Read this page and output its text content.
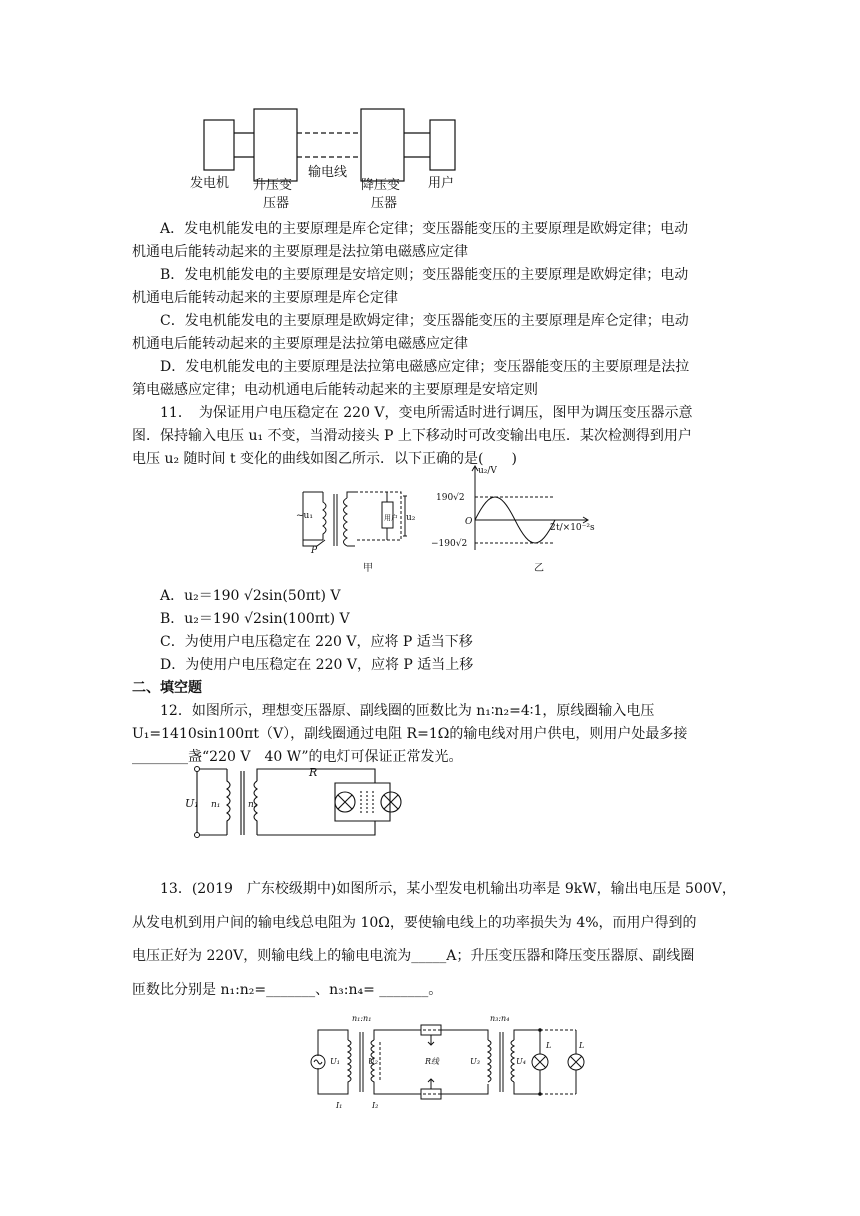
发电机 升压变
压器
输电线
降压变
压器
用户
A．发电机能发电的主要原理是库仑定律；变压器能变压的主要原理是欧姆定律；电动
机通电后能转动起来的主要原理是法拉第电磁感应定律
B．发电机能发电的主要原理是安培定则；变压器能变压的主要原理是欧姆定律；电动
机通电后能转动起来的主要原理是库仑定律
C．发电机能发电的主要原理是欧姆定律；变压器能变压的主要原理是库仑定律；电动
机通电后能转动起来的主要原理是法拉第电磁感应定律
D．发电机能发电的主要原理是法拉第电磁感应定律；变压器能变压的主要原理是法拉
第电磁感应定律；电动机通电后能转动起来的主要原理是安培定则
11．　为保证用户电压稳定在 220 V，变电所需适时进行调压，图甲为调压变压器示意
图．保持输入电压 u₁ 不变，当滑动接头 P 上下移动时可改变输出电压．某次检测得到用户
电压 u₂ 随时间 t 变化的曲线如图乙所示．以下正确的是(　　)
~u₁	u₂
P
用户
甲
u₂/V
190√2
−190√2
O
2 t/×10⁻²s
乙
A．u₂＝190 √2sin(50πt) V
B．u₂＝190 √2sin(100πt) V
C．为使用户电压稳定在 220 V，应将 P 适当下移
D．为使用户电压稳定在 220 V，应将 P 适当上移
二、填空题
12．如图所示，理想变压器原、副线圈的匝数比为 n₁∶n₂=4∶1，原线圈输入电压
U₁=1410sin100πt（V），副线圈通过电阻 R=1Ω的输电线对用户供电，则用户处最多接
________盏“220 V　40 W”的电灯可保证正常发光。
U₁ n₁	n₂
R
13．(2019　广东校级期中)如图所示，某小型发电机输出功率是 9kW，输出电压是 500V，
从发电机到用户间的输电线总电阻为 10Ω，要使输电线上的功率损失为 4%，而用户得到的
电压正好为 220V，则输电线上的输电电流为_____A；升压变压器和降压变压器原、副线圈
匝数比分别是 n₁:n₂=_______、n₃:n₄= _______。
n₁:n₁	n₃:n₄
U₁	U₂	U₃	U₄
R线
I₁	I₂
L	L
